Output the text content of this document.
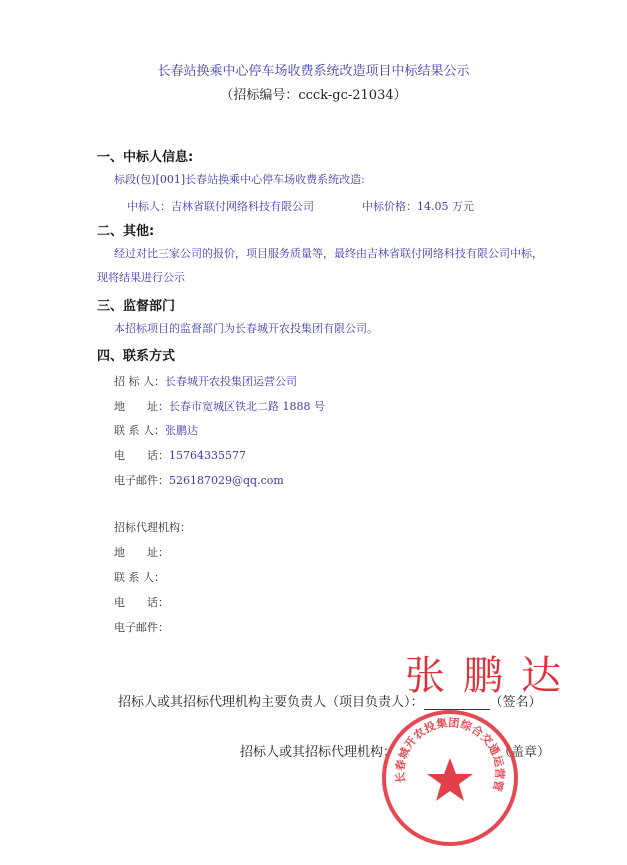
长春站换乘中心停车场收费系统改造项目中标结果公示
（招标编号：ccck-gc-21034）
一、中标人信息:
标段(包)[001]长春站换乘中心停车场收费系统改造:
中标人：吉林省联付网络科技有限公司	中标价格：14.05 万元
二、其他:
经过对比三家公司的报价，项目服务质量等，最终由吉林省联付网络科技有限公司中标，
现将结果进行公示
三、监督部门
本招标项目的监督部门为长春城开农投集团有限公司。
四、联系方式
招 标 人：长春城开农投集团运营公司
地　　址：长春市宽城区铁北二路 1888 号
联 系 人：张鹏达
电　　话：15764335577
电子邮件：526187029@qq.com
招标代理机构：
地　　址：
联 系 人：
电　　话：
电子邮件：
张鹏达
招标人或其招标代理机构主要负责人（项目负责人）：	（签名）
招标人或其招标代理机构：	（盖章）
长春城开农投集团综合交通运营管
